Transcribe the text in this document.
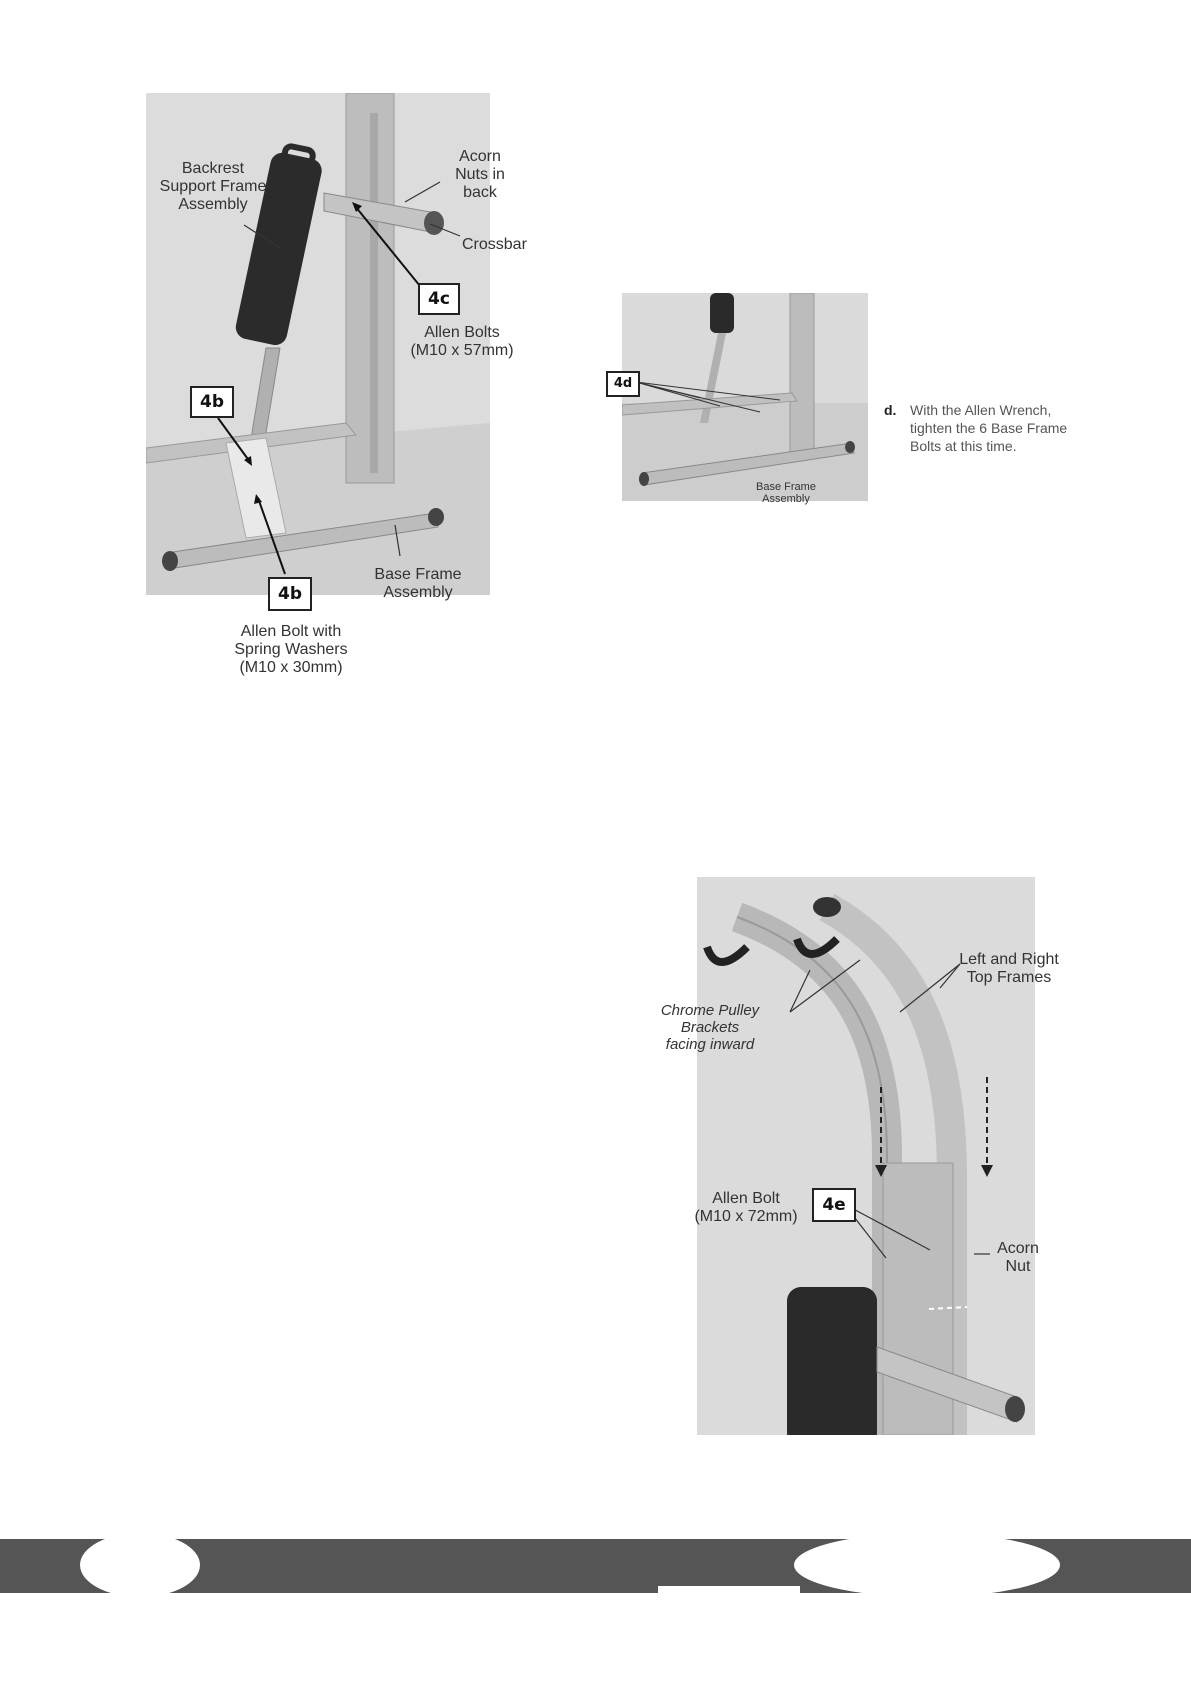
Backrest
Support Frame
Assembly
Acorn
Nuts in
back
Crossbar
Allen Bolts
(M10 x 57mm)
Base Frame
Assembly
Allen Bolt with
Spring Washers
(M10 x 30mm)
4c
4b
4b
4d
Base Frame
Assembly
d. With the Allen Wrench,
tighten the 6 Base Frame
Bolts at this time.
Left and Right
Top Frames
Chrome Pulley Brackets
facing inward
Allen Bolt
(M10 x 72mm)
Acorn
Nut
4e
